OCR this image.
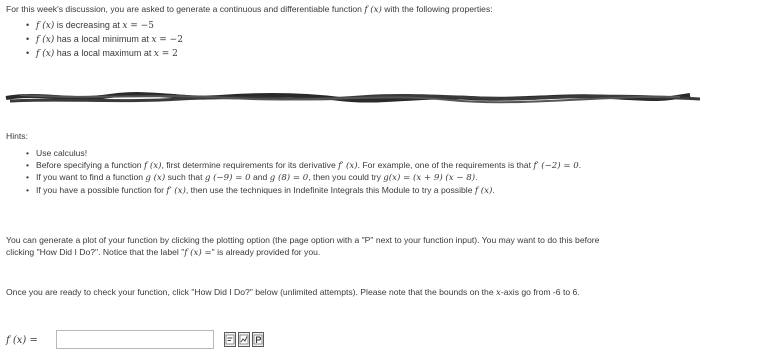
For this week's discussion, you are asked to generate a continuous and differentiable function f (x) with the following properties:
• f (x) is decreasing at x = −5
• f (x) has a local minimum at x = −2
• f (x) has a local maximum at x = 2
Hints:
• Use calculus!
• Before specifying a function f (x), first determine requirements for its derivative f′ (x). For example, one of the requirements is that f′ (−2) = 0.
• If you want to find a function g (x) such that g (−9) = 0 and g (8) = 0, then you could try g(x) = (x + 9) (x − 8).
• If you have a possible function for f′ (x), then use the techniques in Indefinite Integrals this Module to try a possible f (x).
You can generate a plot of your function by clicking the plotting option (the page option with a "P" next to your function input). You may want to do this before
clicking "How Did I Do?". Notice that the label "f (x) =" is already provided for you.
Once you are ready to check your function, click "How Did I Do?" below (unlimited attempts). Please note that the bounds on the x-axis go from -6 to 6.
f (x) =
